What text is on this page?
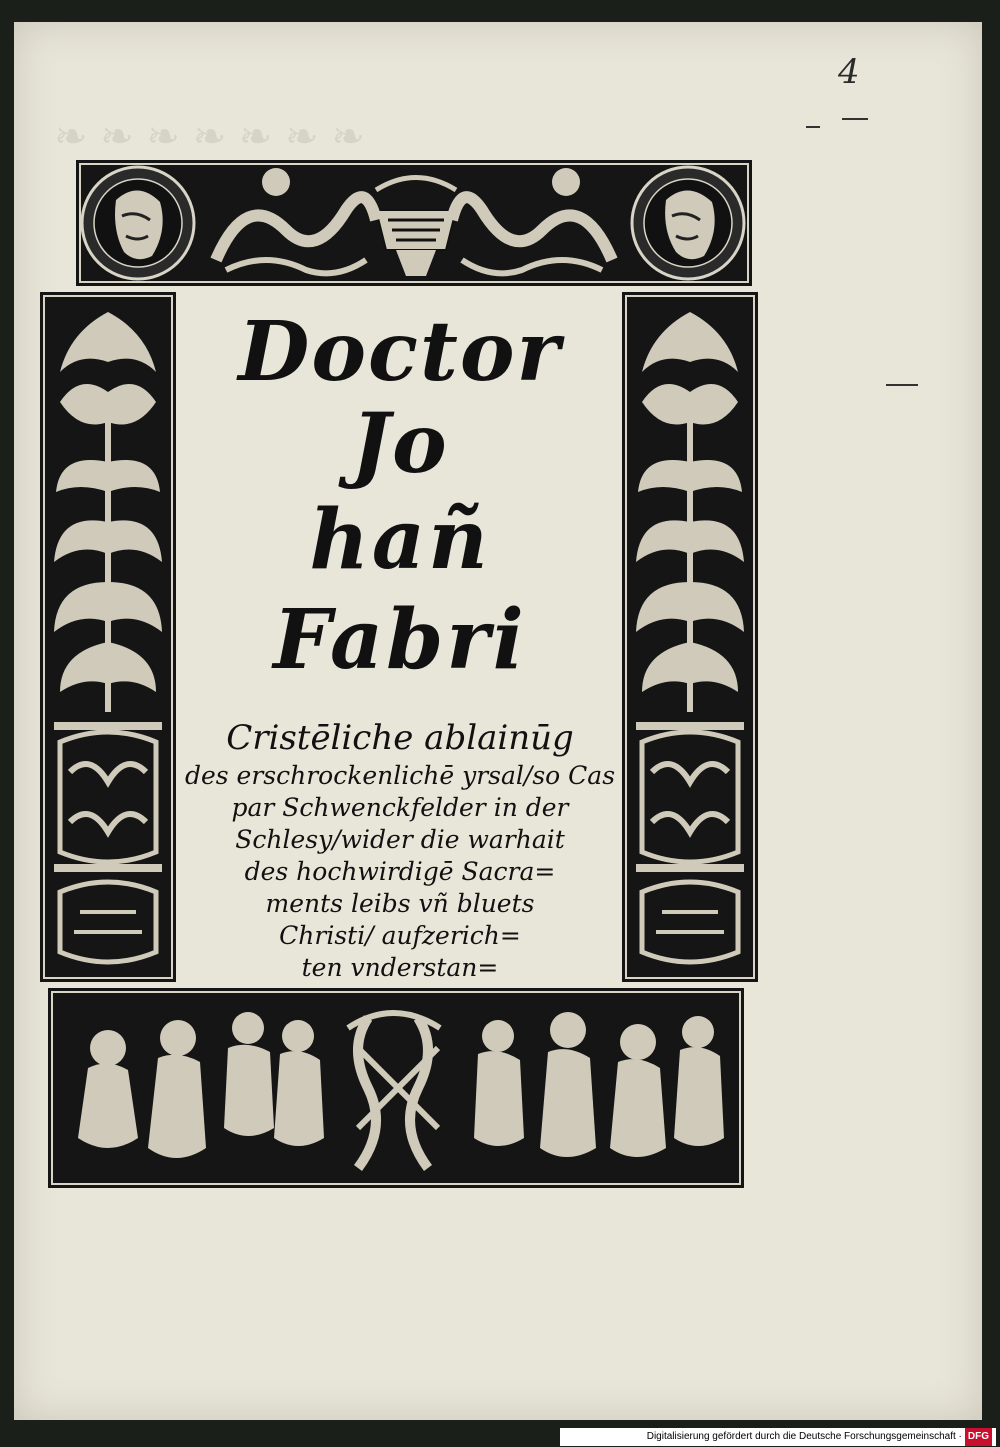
❧ ❧ ❧ ❧ ❧ ❧ ❧
4
Doctor Jo
hañ Fabri
Cristēliche ablainūg
des erschrockenlichē yrsal/so Cas
par Schwenckfelder in der
Schlesy/wider die warhait
des hochwirdigē Sacra=
ments leibs vñ bluets
Christi/ aufzerich=
ten vnderstan=
Digitalisierung gefördert durch die Deutsche Forschungsgemeinschaft · DFG
